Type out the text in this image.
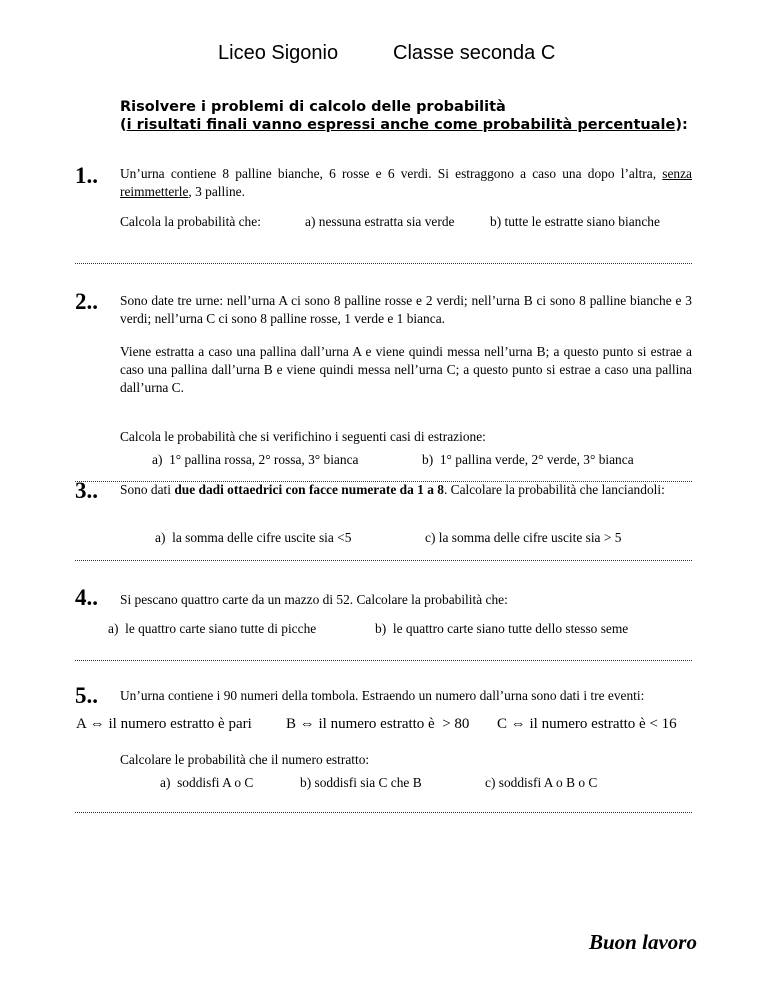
Liceo Sigonio	Classe seconda C
Risolvere i problemi di calcolo delle probabilità
(i risultati finali vanno espressi anche come probabilità percentuale):
1.. Un’urna contiene 8 palline bianche, 6 rosse e 6 verdi. Si estraggono a caso una dopo l’altra, senza reimmetterle, 3 palline.
Calcola la probabilità che:	a) nessuna estratta sia verde	b) tutte le estratte siano bianche
2.. Sono date tre urne: nell’urna A ci sono 8 palline rosse e 2 verdi; nell’urna B ci sono 8 palline bianche e 3 verdi; nell’urna C ci sono 8 palline rosse, 1 verde e 1 bianca.
Viene estratta a caso una pallina dall’urna A e viene quindi messa nell’urna B; a questo punto si estrae a caso una pallina dall’urna B e viene quindi messa nell’urna C; a questo punto si estrae a caso una pallina dall’urna C.
Calcola le probabilità che si verifichino i seguenti casi di estrazione:
a)  1° pallina rossa, 2° rossa, 3° bianca	b)  1° pallina verde, 2° verde, 3° bianca
3.. Sono dati due dadi ottaedrici con facce numerate da 1 a 8. Calcolare la probabilità che lanciandoli:
a)  la somma delle cifre uscite sia <5	c) la somma delle cifre uscite sia > 5
4.. Si pescano quattro carte da un mazzo di 52. Calcolare la probabilità che:
a)  le quattro carte siano tutte di picche	b)  le quattro carte siano tutte dello stesso seme
5.. Un’urna contiene i 90 numeri della tombola. Estraendo un numero dall’urna sono dati i tre eventi:
A ⇔ il numero estratto è pari B ⇔ il numero estratto è  > 80 C ⇔ il numero estratto è < 16
Calcolare le probabilità che il numero estratto:
a)  soddisfi A o C	b) soddisfi sia C che B	c) soddisfi A o B o C
Buon lavoro
